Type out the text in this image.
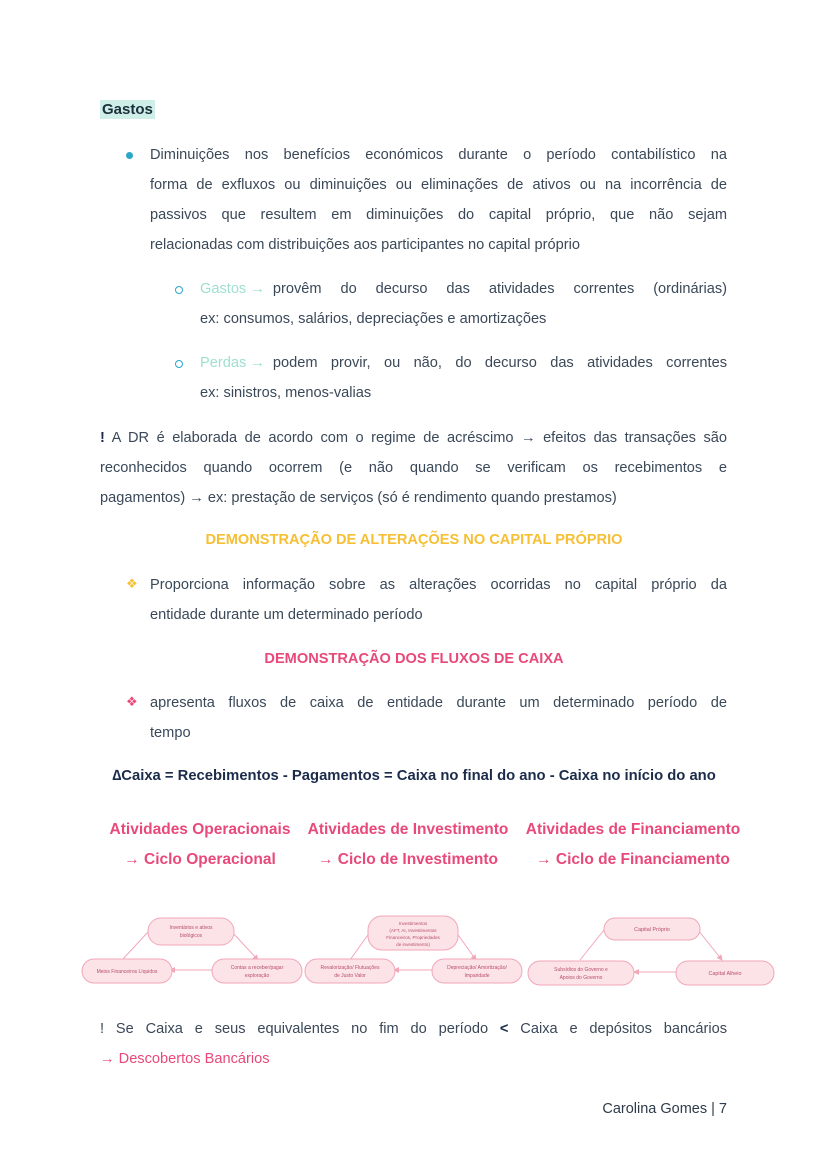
Gastos
Diminuições nos benefícios económicos durante o período contabilístico na
forma de exfluxos ou diminuições ou eliminações de ativos ou na incorrência de
passivos que resultem em diminuições do capital próprio, que não sejam
relacionadas com distribuições aos participantes no capital próprio
Gastos → provêm do decurso das atividades correntes (ordinárias)
ex: consumos, salários, depreciações e amortizações
Perdas → podem provir, ou não, do decurso das atividades correntes
ex: sinistros, menos-valias
! A DR é elaborada de acordo com o regime de acréscimo → efeitos das transações são
reconhecidos quando ocorrem (e não quando se verificam os recebimentos e
pagamentos) → ex: prestação de serviços (só é rendimento quando prestamos)
DEMONSTRAÇÃO DE ALTERAÇÕES NO CAPITAL PRÓPRIO
❖ Proporciona informação sobre as alterações ocorridas no capital próprio da
entidade durante um determinado período
DEMONSTRAÇÃO DOS FLUXOS DE CAIXA
❖ apresenta fluxos de caixa de entidade durante um determinado período de
tempo
∆Caixa = Recebimentos - Pagamentos = Caixa no final do ano - Caixa no início do ano
Atividades Operacionais
→ Ciclo Operacional
Atividades de Investimento
→ Ciclo de Investimento
Atividades de Financiamento
→ Ciclo de Financiamento
Inventários e ativos
biológicos
Meios Financeiros Líquidos
Contas a receber/pagar
exploração
Investimentos
(AFT, AI, Investimentos
Financeiros, Propriedades
de investimento)
Revalorização/ Flutuações
de Justo Valor
Depreciação/ Amortização/
Imparidade
Capital Próprio
Subsídios do Governo e
Apoios do Governo
Capital Alheio
! Se Caixa e seus equivalentes no fim do período < Caixa e depósitos bancários
→ Descobertos Bancários
Carolina Gomes | 7
